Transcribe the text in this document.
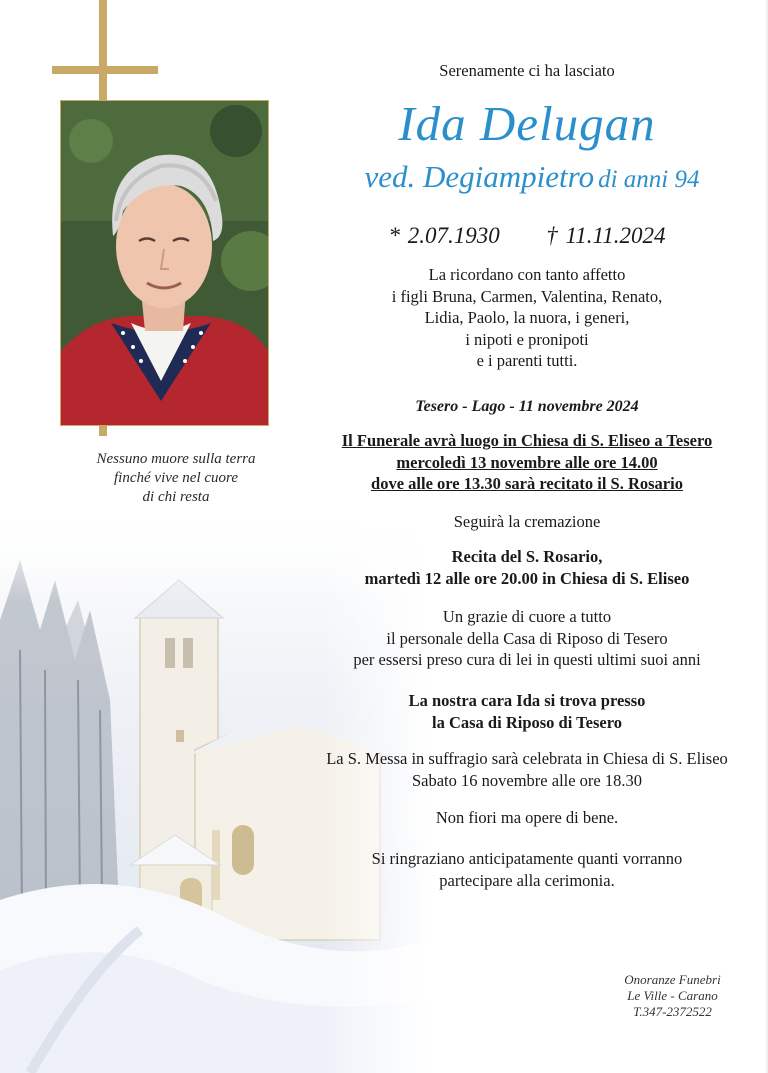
Nessuno muore sulla terra
finché vive nel cuore
di chi resta
Serenamente ci ha lasciato
Ida Delugan
ved. Degiampietro di anni 94
* 2.07.1930 † 11.11.2024
La ricordano con tanto affetto
i figli Bruna, Carmen, Valentina, Renato,
Lidia, Paolo, la nuora, i generi,
i nipoti e pronipoti
e i parenti tutti.
Tesero - Lago - 11 novembre 2024
Il Funerale avrà luogo in Chiesa di S. Eliseo a Tesero
mercoledì 13 novembre alle ore 14.00
dove alle ore 13.30 sarà recitato il S. Rosario
Seguirà la cremazione
Recita del S. Rosario,
martedì 12 alle ore 20.00 in Chiesa di S. Eliseo
Un grazie di cuore a tutto
il personale della Casa di Riposo di Tesero
per essersi preso cura di lei in questi ultimi suoi anni
La nostra cara Ida si trova presso
la Casa di Riposo di Tesero
La S. Messa in suffragio sarà celebrata in Chiesa di S. Eliseo
Sabato 16 novembre alle ore 18.30
Non fiori ma opere di bene.
Si ringraziano anticipatamente quanti vorranno
partecipare alla cerimonia.
Onoranze Funebri
Le Ville - Carano
T.347-2372522
